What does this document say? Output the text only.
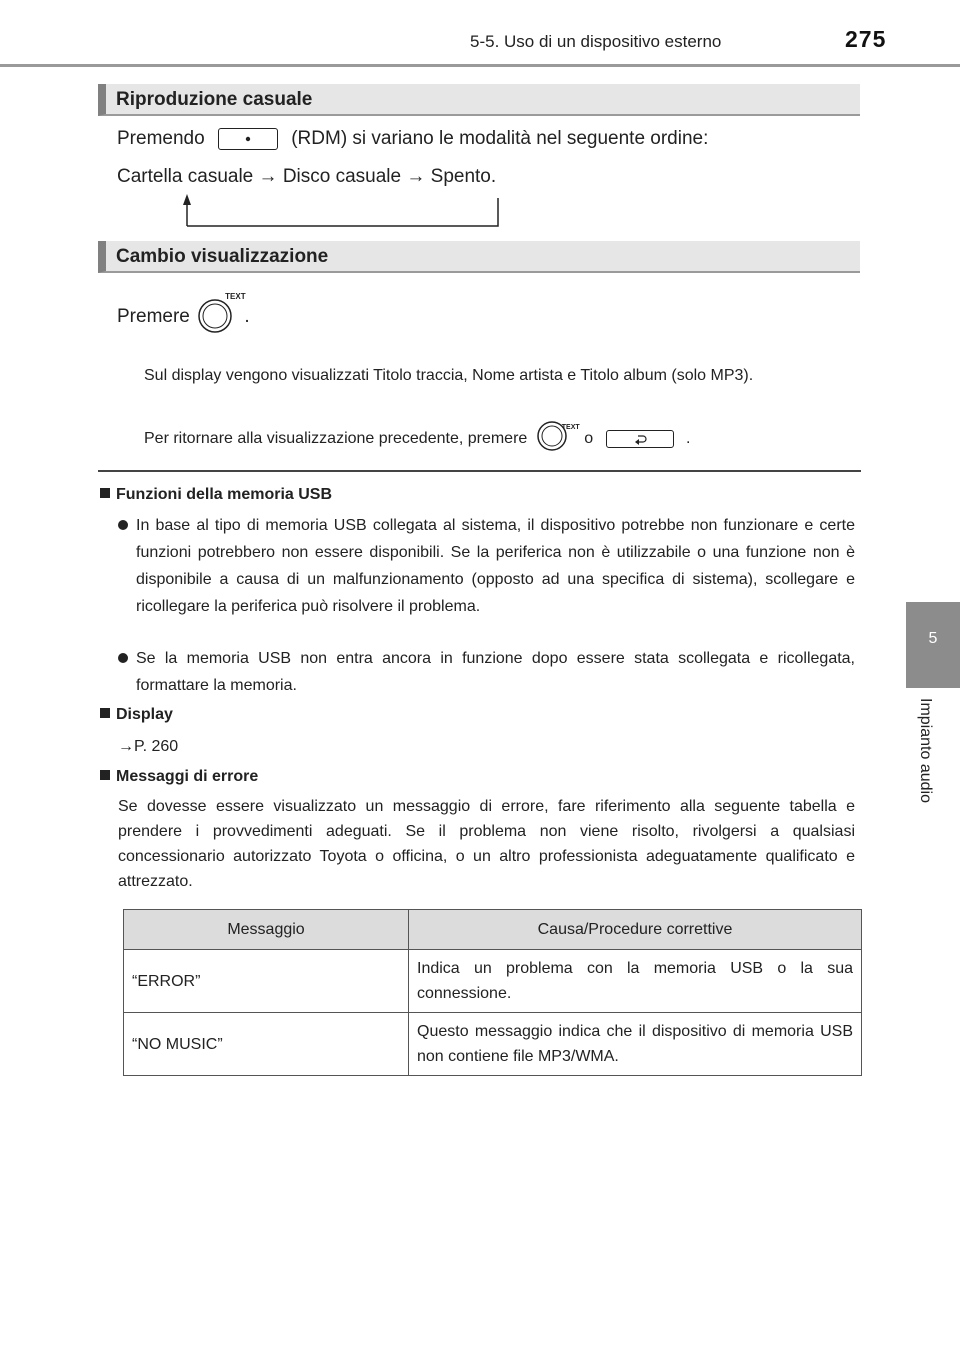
5-5. Uso di un dispositivo esterno	275
5
Impianto audio
Riproduzione casuale
Premendo	(RDM) si variano le modalità nel seguente ordine:
Cartella casuale → Disco casuale → Spento.
Cambio visualizzazione
Premere
TEXT
.
Sul display vengono visualizzati Titolo traccia, Nome artista e Titolo album (solo MP3).
Per ritornare alla visualizzazione precedente, premere
TEXT
o	.
Funzioni della memoria USB
In base al tipo di memoria USB collegata al sistema, il dispositivo potrebbe non funzionare e certe funzioni potrebbero non essere disponibili. Se la periferica non è utilizzabile o una funzione non è disponibile a causa di un malfunzionamento (opposto ad una specifica di sistema), scollegare e ricollegare la periferica può risolvere il problema.
Se la memoria USB non entra ancora in funzione dopo essere stata scollegata e ricollegata, formattare la memoria.
Display
→P. 260
Messaggi di errore
Se dovesse essere visualizzato un messaggio di errore, fare riferimento alla seguente tabella e prendere i provvedimenti adeguati. Se il problema non viene risolto, rivolgersi a qualsiasi concessionario autorizzato Toyota o officina, o un altro professionista adeguatamente qualificato e attrezzato.
Messaggio	Causa/Procedure correttive
“ERROR”	Indica un problema con la memoria USB o la sua connessione.
“NO MUSIC”	Questo messaggio indica che il dispositivo di memoria USB non contiene file MP3/WMA.
